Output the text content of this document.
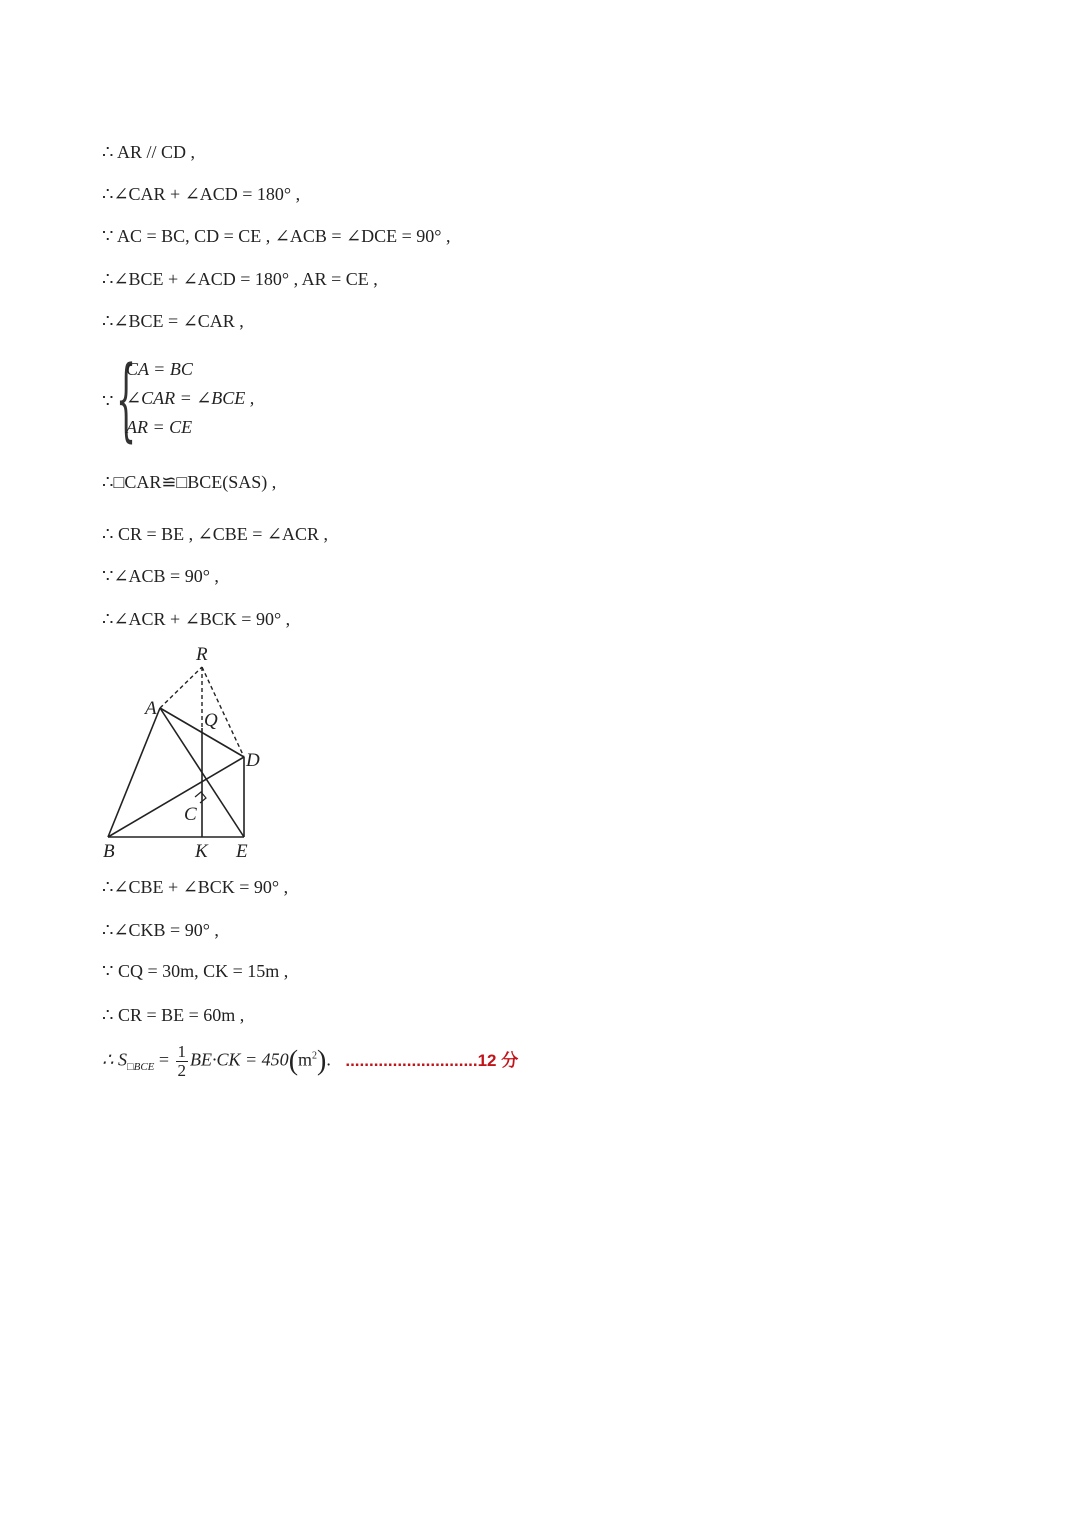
∴ AR // CD ,
∴∠CAR + ∠ACD = 180° ,
∵ AC = BC, CD = CE , ∠ACB = ∠DCE = 90° ,
∴∠BCE + ∠ACD = 180° , AR = CE ,
∴∠BCE = ∠CAR ,
∵ {
CA = BC
∠CAR = ∠BCE ,
AR = CE
∴□CAR≌□BCE(SAS) ,
∴ CR = BE , ∠CBE = ∠ACR ,
∵∠ACB = 90° ,
∴∠ACR + ∠BCK = 90° ,
R
A
Q
D
C
B	K E
∴∠CBE + ∠BCK = 90° ,
∴∠CKB = 90° ,
∵ CQ = 30m, CK = 15m ,
∴ CR = BE = 60m ,
∴ $S_{□BCE} = \frac{1}{2} BE\cdot CK = 450(m^2)$. ............................12 分
